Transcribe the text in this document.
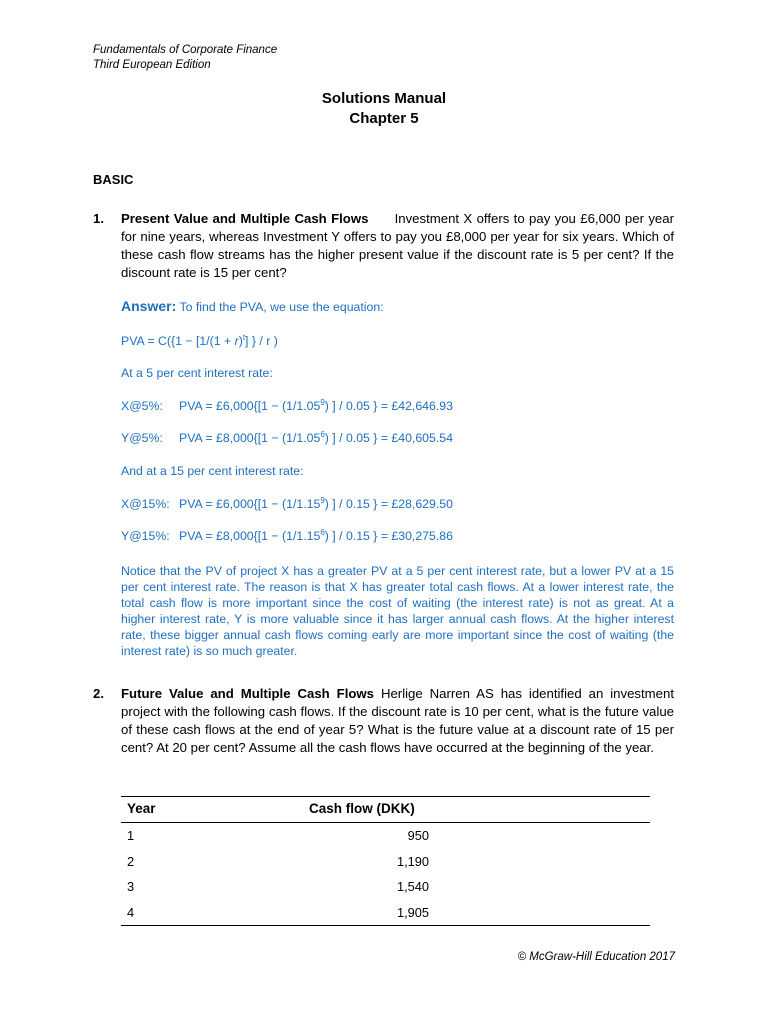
Fundamentals of Corporate Finance
Third European Edition
Solutions Manual
Chapter 5
BASIC
1. Present Value and Multiple Cash Flows Investment X offers to pay you £6,000 per year for nine years, whereas Investment Y offers to pay you £8,000 per year for six years. Which of these cash flow streams has the higher present value if the discount rate is 5 per cent? If the discount rate is 15 per cent?
Answer: To find the PVA, we use the equation:
PVA = $C(\{1 - [1/(1 + r)^t]$ } / r )
At a 5 per cent interest rate:
X@5%: PVA = £6,000{[1 − $(1/1.05^9)$ ] / 0.05 } = £42,646.93
Y@5%: PVA = £8,000{[1 − $(1/1.05^6)$ ] / 0.05 } = £40,605.54
And at a 15 per cent interest rate:
X@15%: PVA = £6,000{[1 − $(1/1.15^9)$ ] / 0.15 } = £28,629.50
Y@15%: PVA = £8,000{[1 − $(1/1.15^6)$ ] / 0.15 } = £30,275.86
Notice that the PV of project X has a greater PV at a 5 per cent interest rate, but a lower PV at a 15 per cent interest rate. The reason is that X has greater total cash flows. At a lower interest rate, the total cash flow is more important since the cost of waiting (the interest rate) is not as great. At a higher interest rate, Y is more valuable since it has larger annual cash flows. At the higher interest rate, these bigger annual cash flows coming early are more important since the cost of waiting (the interest rate) is so much greater.
2. Future Value and Multiple Cash Flows Herlige Narren AS has identified an investment project with the following cash flows. If the discount rate is 10 per cent, what is the future value of these cash flows at the end of year 5? What is the future value at a discount rate of 15 per cent? At 20 per cent? Assume all the cash flows have occurred at the beginning of the year.
Year	Cash flow (DKK)	
1	950	
2	1,190	
3	1,540	
4	1,905	
© McGraw-Hill Education 2017
